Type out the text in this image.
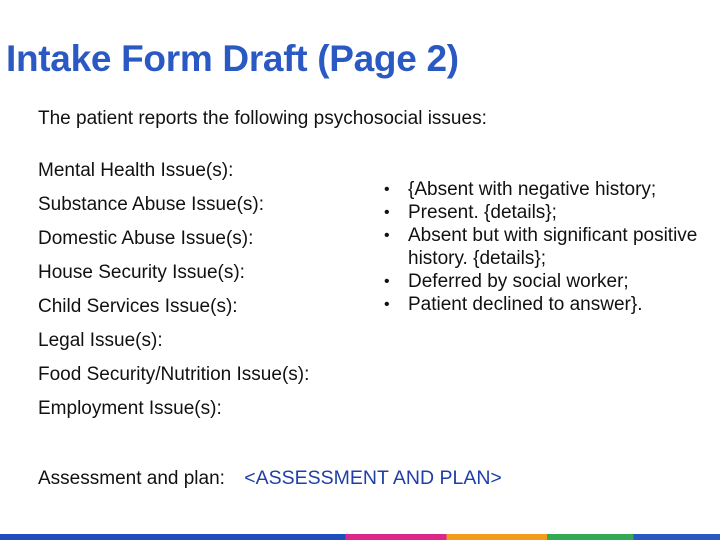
Intake Form Draft (Page 2)
The patient reports the following psychosocial issues:
Mental Health Issue(s):
Substance Abuse Issue(s):
Domestic Abuse Issue(s):
House Security Issue(s):
Child Services Issue(s):
Legal Issue(s):
Food Security/Nutrition Issue(s):
Employment Issue(s):
• {Absent with negative history;
• Present. {details};
• Absent but with significant positive history. {details};
• Deferred by social worker;
• Patient declined to answer}.
Assessment and plan: <ASSESSMENT AND PLAN>
